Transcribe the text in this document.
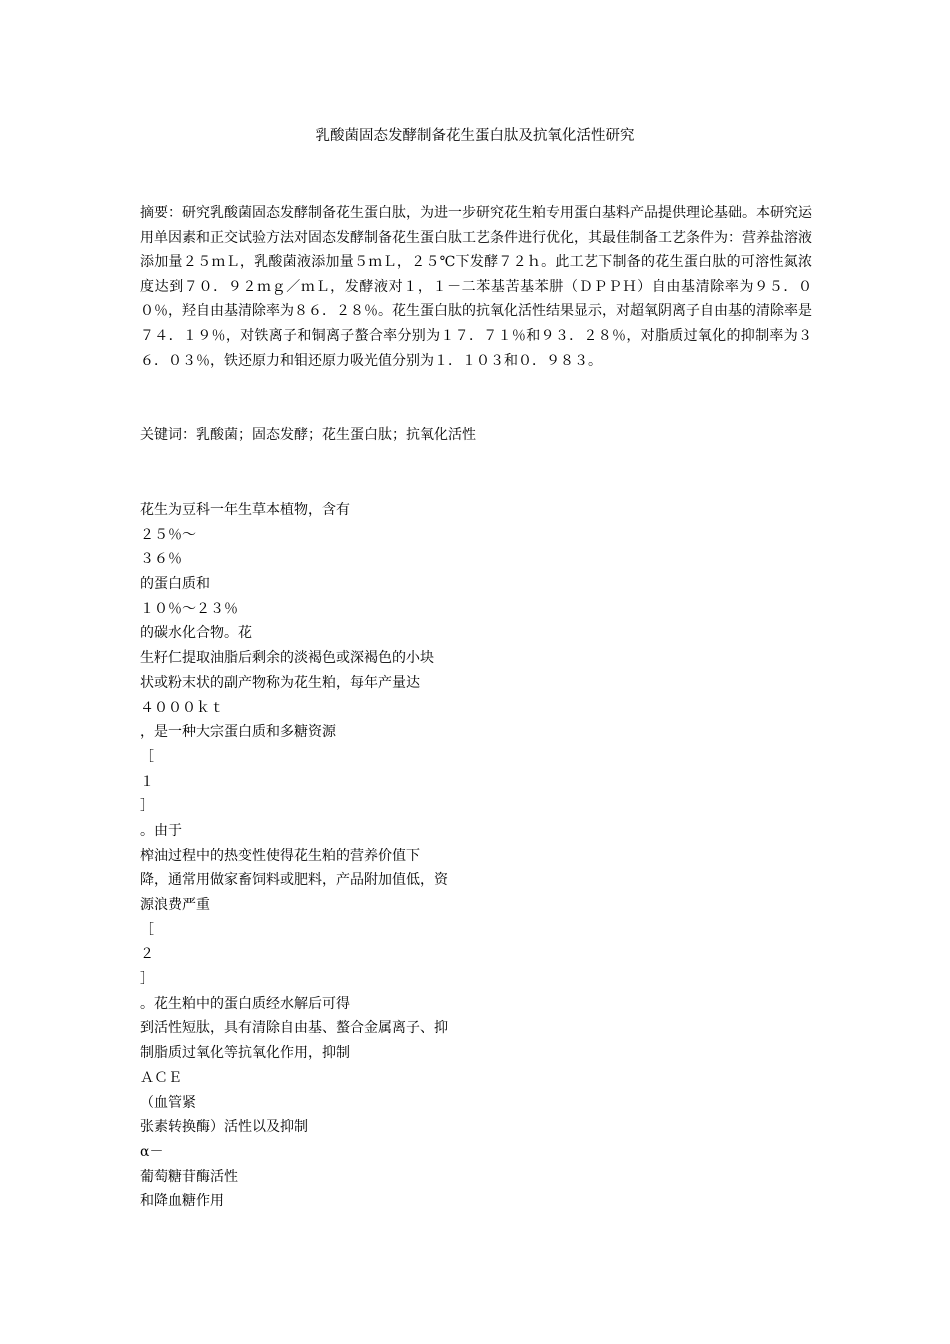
乳酸菌固态发酵制备花生蛋白肽及抗氧化活性研究
摘要：研究乳酸菌固态发酵制备花生蛋白肽，为进一步研究花生粕专用蛋白基料产品提供理论基础。本研究运用单因素和正交试验方法对固态发酵制备花生蛋白肽工艺条件进行优化，其最佳制备工艺条件为：营养盐溶液添加量２５ｍＬ，乳酸菌液添加量５ｍＬ，２５℃下发酵７２ｈ。此工艺下制备的花生蛋白肽的可溶性氮浓度达到７０．９２ｍｇ／ｍＬ，发酵液对１，１－二苯基苦基苯肼（ＤＰＰＨ）自由基清除率为９５．００％，羟自由基清除率为８６．２８％。花生蛋白肽的抗氧化活性结果显示，对超氧阴离子自由基的清除率是７４．１９％，对铁离子和铜离子螯合率分别为１７．７１％和９３．２８％，对脂质过氧化的抑制率为３６．０３％，铁还原力和钼还原力吸光值分别为１．１０３和０．９８３。
关键词：乳酸菌；固态发酵；花生蛋白肽；抗氧化活性
花生为豆科一年生草本植物，含有
２５％～
３６％
的蛋白质和
１０％～２３％
的碳水化合物。花
生籽仁提取油脂后剩余的淡褐色或深褐色的小块
状或粉末状的副产物称为花生粕，每年产量达
４０００ｋｔ
，是一种大宗蛋白质和多糖资源
［
１
］
。由于
榨油过程中的热变性使得花生粕的营养价值下
降，通常用做家畜饲料或肥料，产品附加值低，资
源浪费严重
［
２
］
。花生粕中的蛋白质经水解后可得
到活性短肽，具有清除自由基、螯合金属离子、抑
制脂质过氧化等抗氧化作用，抑制
ＡＣＥ
（血管紧
张素转换酶）活性以及抑制
α－
葡萄糖苷酶活性
和降血糖作用
